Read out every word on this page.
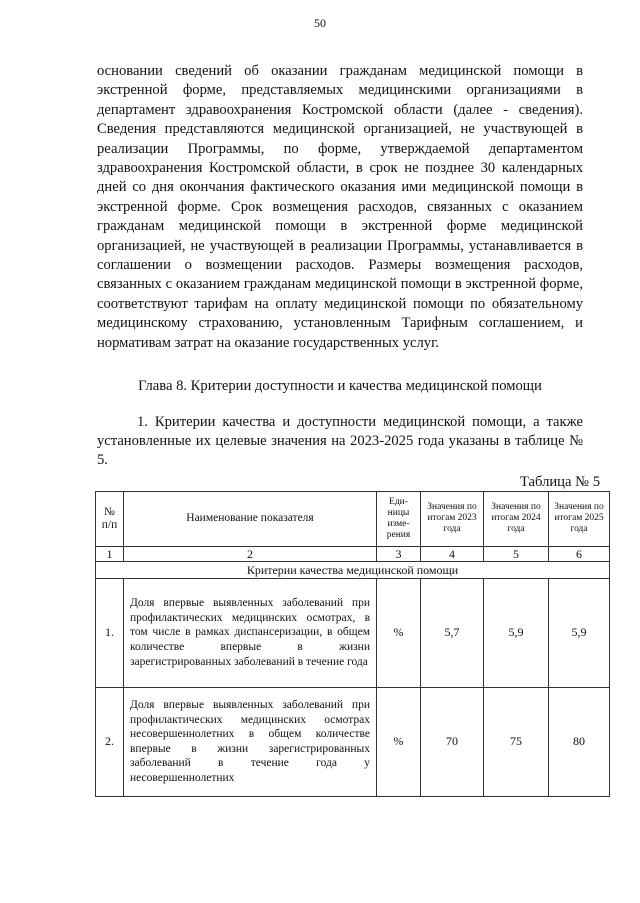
50
основании сведений об оказании гражданам медицинской помощи в экстренной форме, представляемых медицинскими организациями в департамент здравоохранения Костромской области (далее - сведения). Сведения представляются медицинской организацией, не участвующей в реализации Программы, по форме, утверждаемой департаментом здравоохранения Костромской области, в срок не позднее 30 календарных дней со дня окончания фактического оказания ими медицинской помощи в экстренной форме. Срок возмещения расходов, связанных с оказанием гражданам медицинской помощи в экстренной форме медицинской организацией, не участвующей в реализации Программы, устанавливается в соглашении о возмещении расходов. Размеры возмещения расходов, связанных с оказанием гражданам медицинской помощи в экстренной форме, соответствуют тарифам на оплату медицинской помощи по обязательному медицинскому страхованию, установленным Тарифным соглашением, и нормативам затрат на оказание государственных услуг.
Глава 8. Критерии доступности и качества медицинской помощи
1. Критерии качества и доступности медицинской помощи, а также установленные их целевые значения на 2023-2025 года указаны в таблице № 5.
Таблица № 5
№ п/п	Наименование показателя	Еди-ницы изме-рения	Значения по итогам 2023 года	Значения по итогам 2024 года	Значения по итогам 2025 года
1	2	3	4	5	6
Критерии качества медицинской помощи					
1.	Доля впервые выявленных заболеваний при профилактических медицинских осмотрах, в том числе в рамках диспансеризации, в общем количестве впервые в жизни зарегистрированных заболеваний в течение года	%	5,7	5,9	5,9
2.	Доля впервые выявленных заболеваний при профилактических медицинских осмотрах несовершеннолетних в общем количестве впервые в жизни зарегистрированных заболеваний в течение года у несовершеннолетних	%	70	75	80
